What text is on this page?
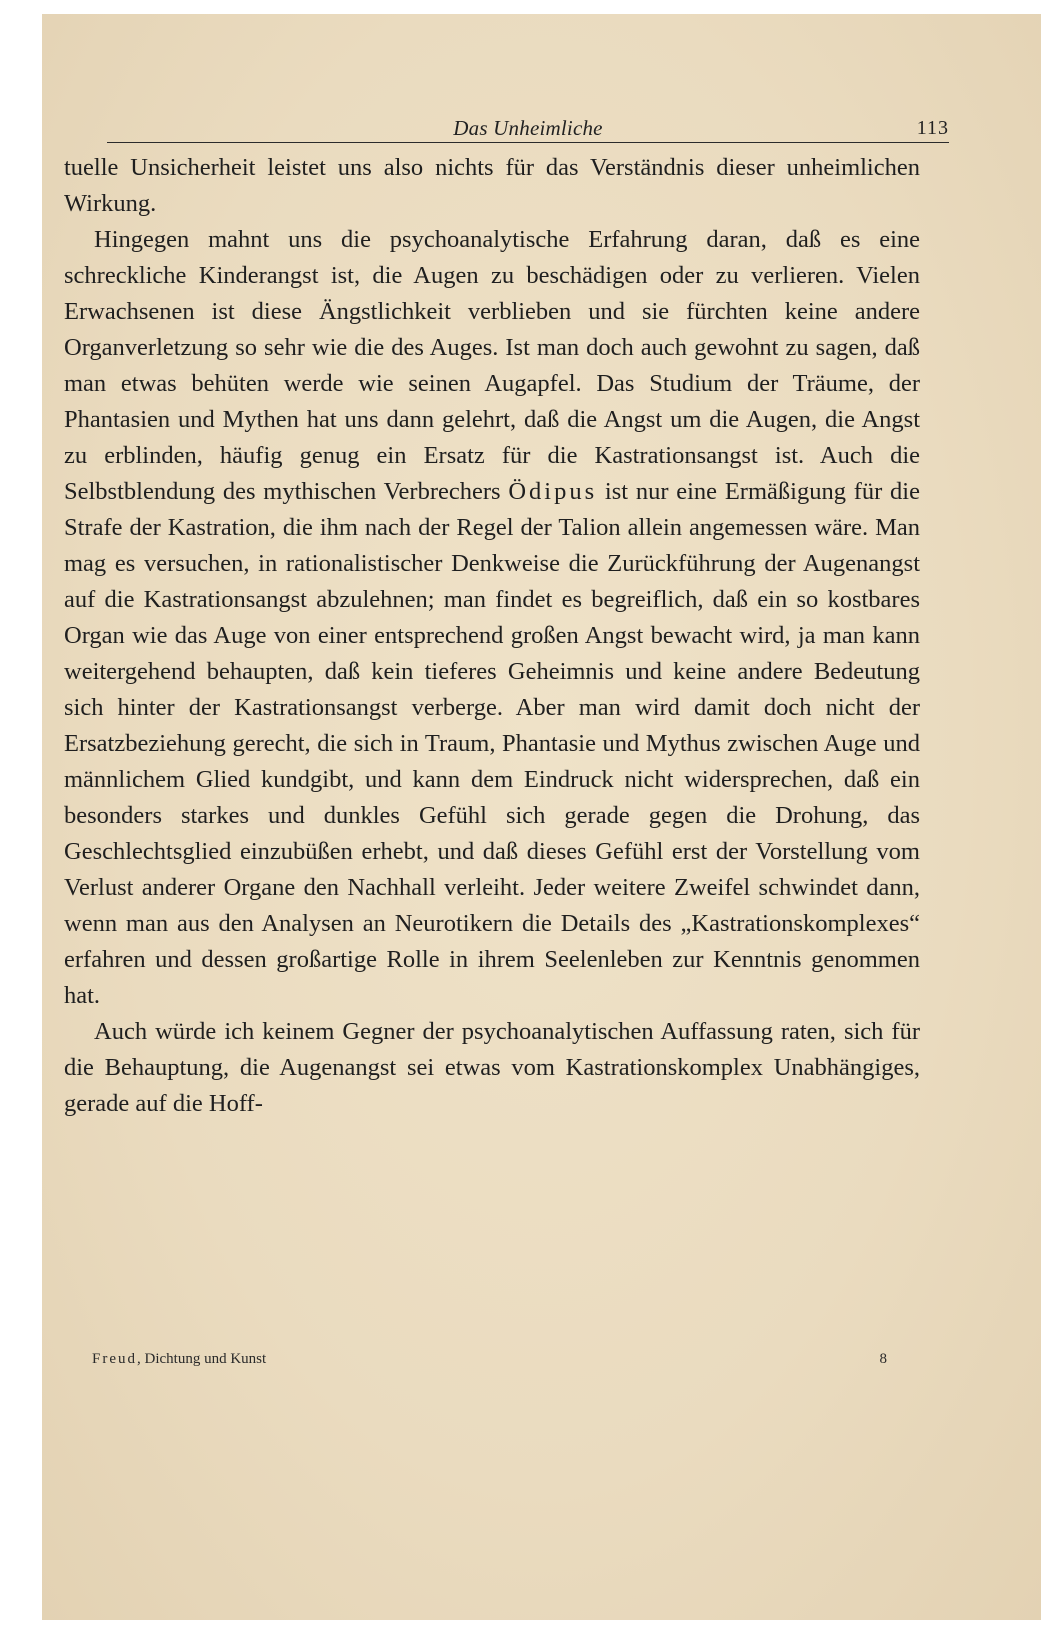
Das Unheimliche	113

tuelle Unsicherheit leistet uns also nichts für das Verständnis dieser unheimlichen Wirkung.

Hingegen mahnt uns die psychoanalytische Erfahrung daran, daß es eine schreckliche Kinderangst ist, die Augen zu beschädigen oder zu verlieren. Vielen Erwachsenen ist diese Ängstlichkeit verblieben und sie fürchten keine andere Organverletzung so sehr wie die des Auges. Ist man doch auch gewohnt zu sagen, daß man etwas behüten werde wie seinen Augapfel. Das Studium der Träume, der Phantasien und Mythen hat uns dann gelehrt, daß die Angst um die Augen, die Angst zu erblinden, häufig genug ein Ersatz für die Kastrationsangst ist. Auch die Selbstblendung des mythischen Verbrechers Ödipus ist nur eine Ermäßigung für die Strafe der Kastration, die ihm nach der Regel der Talion allein angemessen wäre. Man mag es versuchen, in rationalistischer Denkweise die Zurückführung der Augenangst auf die Kastrationsangst abzulehnen; man findet es begreiflich, daß ein so kostbares Organ wie das Auge von einer entsprechend großen Angst bewacht wird, ja man kann weitergehend behaupten, daß kein tieferes Geheimnis und keine andere Bedeutung sich hinter der Kastrationsangst verberge. Aber man wird damit doch nicht der Ersatzbeziehung gerecht, die sich in Traum, Phantasie und Mythus zwischen Auge und männlichem Glied kundgibt, und kann dem Eindruck nicht widersprechen, daß ein besonders starkes und dunkles Gefühl sich gerade gegen die Drohung, das Geschlechtsglied einzubüßen erhebt, und daß dieses Gefühl erst der Vorstellung vom Verlust anderer Organe den Nachhall verleiht. Jeder weitere Zweifel schwindet dann, wenn man aus den Analysen an Neurotikern die Details des „Kastrationskomplexes“ erfahren und dessen großartige Rolle in ihrem Seelenleben zur Kenntnis genommen hat.

Auch würde ich keinem Gegner der psychoanalytischen Auffassung raten, sich für die Behauptung, die Augenangst sei etwas vom Kastrationskomplex Unabhängiges, gerade auf die Hoff-

Freud, Dichtung und Kunst	8
